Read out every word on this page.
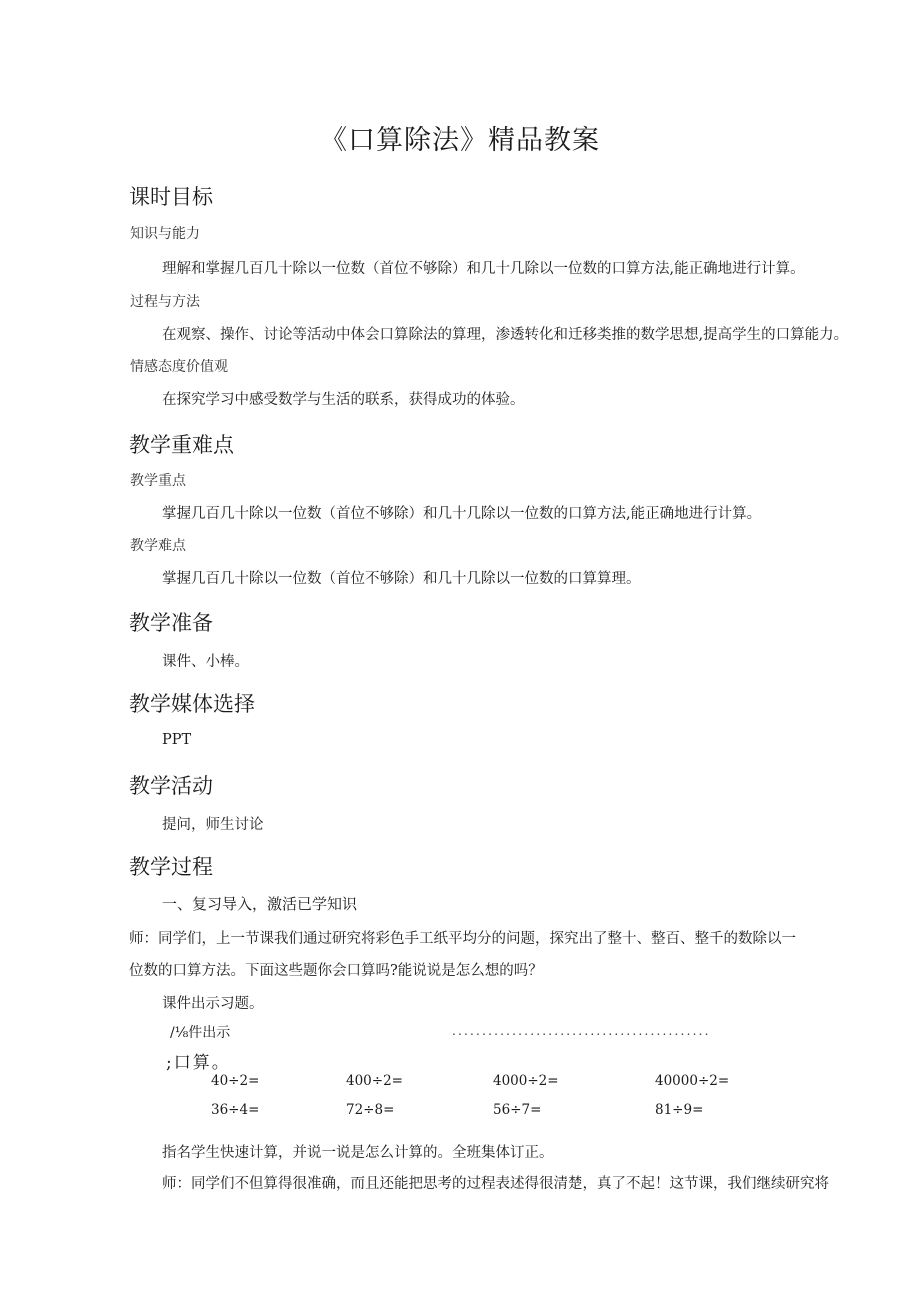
《口算除法》精品教案
课时目标
知识与能力
理解和掌握几百几十除以一位数（首位不够除）和几十几除以一位数的口算方法,能正确地进行计算。
过程与方法
在观察、操作、讨论等活动中体会口算除法的算理，渗透转化和迁移类推的数学思想,提高学生的口算能力。
情感态度价值观
在探究学习中感受数学与生活的联系，获得成功的体验。
教学重难点
教学重点
掌握几百几十除以一位数（首位不够除）和几十几除以一位数的口算方法,能正确地进行计算。
教学难点
掌握几百几十除以一位数（首位不够除）和几十几除以一位数的口算算理。
教学准备
课件、小棒。
教学媒体选择
PPT
教学活动
提问，师生讨论
教学过程
一、复习导入，激活已学知识
师：同学们，上一节课我们通过研究将彩色手工纸平均分的问题，探究出了整十、整百、整千的数除以一
位数的口算方法。下面这些题你会口算吗?能说说是怎么想的吗？
课件出示习题。
/⅛件出示	...........................................
;口算。
40÷2=	400÷2=	4000÷2=	40000÷2=
36÷4=	72÷8=	56÷7=	81÷9=
指名学生快速计算，并说一说是怎么计算的。全班集体订正。
师：同学们不但算得很准确，而且还能把思考的过程表述得很清楚，真了不起！这节课，我们继续研究将
